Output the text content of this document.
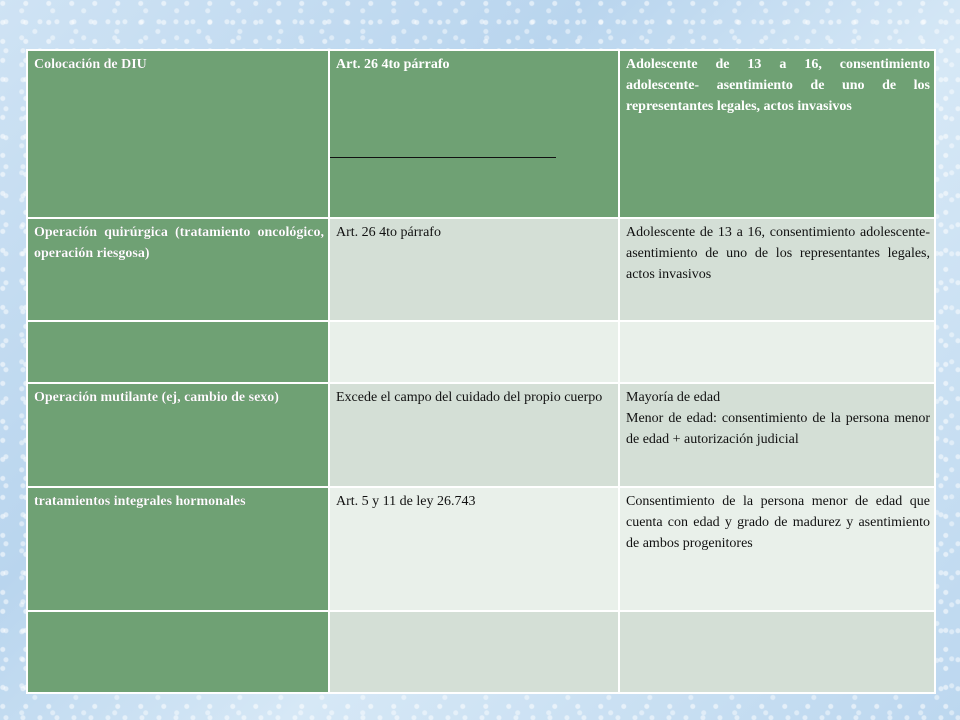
Colocación de DIU	Art. 26 4to párrafo	Adolescente de 13 a 16, consentimiento adolescente- asentimiento de uno de los representantes legales, actos invasivos
Operación quirúrgica (tratamiento oncológico, operación riesgosa)	Art. 26 4to párrafo	Adolescente de 13 a 16, consentimiento adolescente- asentimiento de uno de los representantes legales, actos invasivos

Operación mutilante (ej, cambio de sexo)	Excede el campo del cuidado del propio cuerpo	Mayoría de edad
Menor de edad: consentimiento de la persona menor de edad + autorización judicial

tratamientos integrales hormonales	Art. 5 y 11 de ley 26.743	Consentimiento de la persona menor de edad que cuenta con edad y grado de madurez y asentimiento de ambos progenitores
